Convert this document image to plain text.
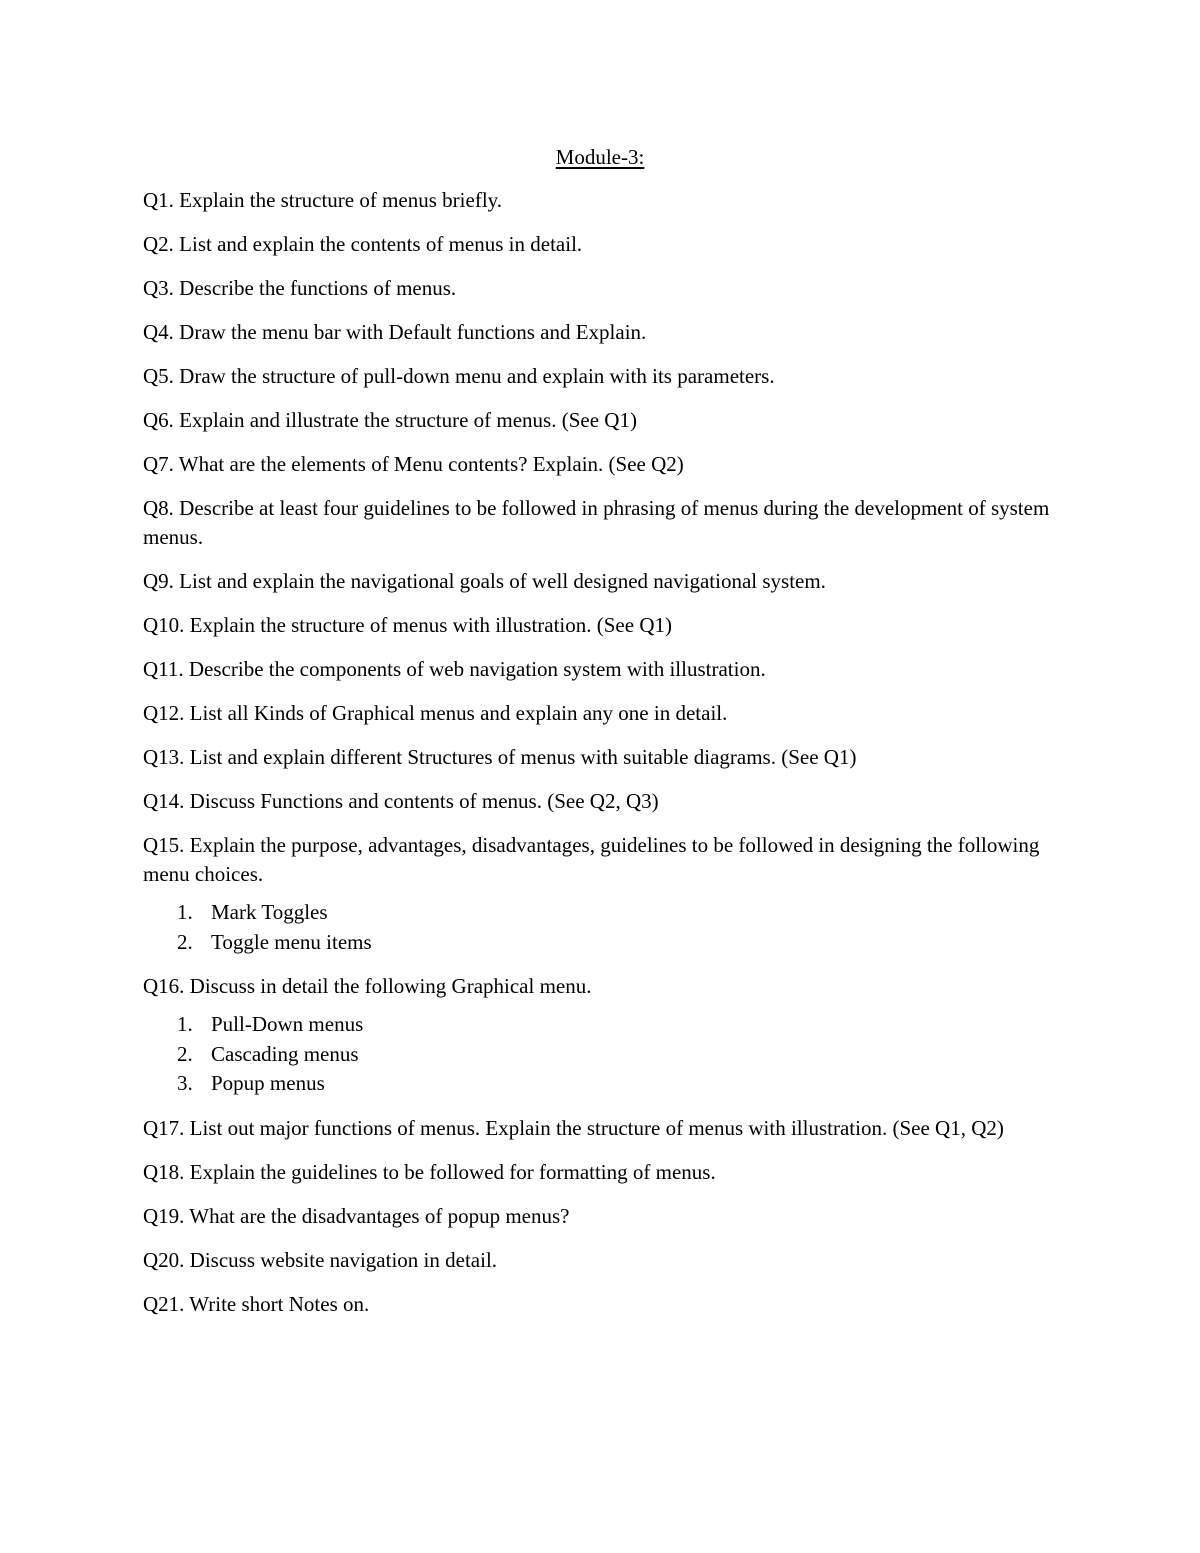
Module-3:

Q1. Explain the structure of menus briefly.

Q2. List and explain the contents of menus in detail.

Q3. Describe the functions of menus.

Q4. Draw the menu bar with Default functions and Explain.

Q5. Draw the structure of pull-down menu and explain with its parameters.

Q6. Explain and illustrate the structure of menus. (See Q1)

Q7. What are the elements of Menu contents? Explain. (See Q2)

Q8. Describe at least four guidelines to be followed in phrasing of menus during the development of system menus.

Q9. List and explain the navigational goals of well designed navigational system.

Q10. Explain the structure of menus with illustration. (See Q1)

Q11. Describe the components of web navigation system with illustration.

Q12. List all Kinds of Graphical menus and explain any one in detail.

Q13. List and explain different Structures of menus with suitable diagrams. (See Q1)

Q14. Discuss Functions and contents of menus. (See Q2, Q3)

Q15. Explain the purpose, advantages, disadvantages, guidelines to be followed in designing the following menu choices.

1. Mark Toggles
2. Toggle menu items

Q16. Discuss in detail the following Graphical menu.

1. Pull-Down menus
2. Cascading menus
3. Popup menus

Q17. List out major functions of menus. Explain the structure of menus with illustration. (See Q1, Q2)

Q18. Explain the guidelines to be followed for formatting of menus.

Q19. What are the disadvantages of popup menus?

Q20. Discuss website navigation in detail.

Q21. Write short Notes on.
